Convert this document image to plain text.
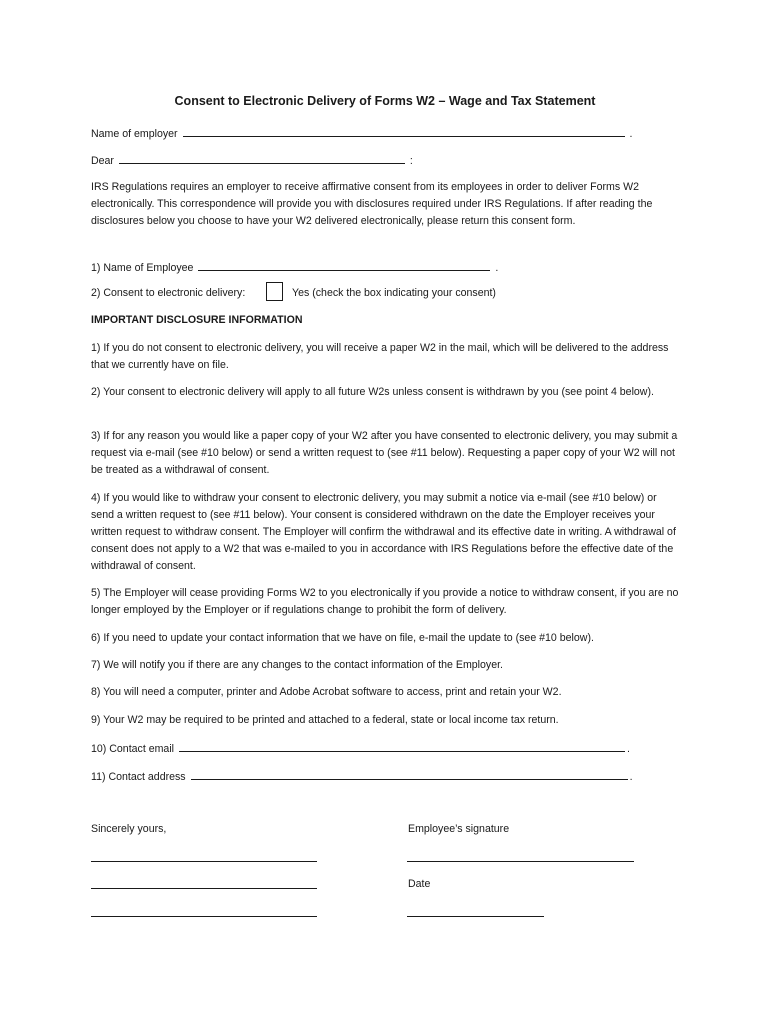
Consent to Electronic Delivery of Forms W2 – Wage and Tax Statement
Name of employer	.
Dear	:
IRS Regulations requires an employer to receive affirmative consent from its employees in order to deliver Forms W2 electronically. This correspondence will provide you with disclosures required under IRS Regulations. If after reading the disclosures below you choose to have your W2 delivered electronically, please return this consent form.
1) Name of Employee	.
2) Consent to electronic delivery:	Yes (check the box indicating your consent)
IMPORTANT DISCLOSURE INFORMATION
1) If you do not consent to electronic delivery, you will receive a paper W2 in the mail, which will be delivered to the address that we currently have on file.
2) Your consent to electronic delivery will apply to all future W2s unless consent is withdrawn by you (see point 4 below).
3) If for any reason you would like a paper copy of your W2 after you have consented to electronic delivery, you may submit a request via e-mail (see #10 below) or send a written request to (see #11 below). Requesting a paper copy of your W2 will not be treated as a withdrawal of consent.
4) If you would like to withdraw your consent to electronic delivery, you may submit a notice via e-mail (see #10 below) or send a written request to (see #11 below). Your consent is considered withdrawn on the date the Employer receives your written request to withdraw consent. The Employer will confirm the withdrawal and its effective date in writing. A withdrawal of consent does not apply to a W2 that was e-mailed to you in accordance with IRS Regulations before the effective date of the withdrawal of consent.
5) The Employer will cease providing Forms W2 to you electronically if you provide a notice to withdraw consent, if you are no longer employed by the Employer or if regulations change to prohibit the form of delivery.
6) If you need to update your contact information that we have on file, e-mail the update to (see #10 below).
7) We will notify you if there are any changes to the contact information of the Employer.
8) You will need a computer, printer and Adobe Acrobat software to access, print and retain your W2.
9) Your W2 may be required to be printed and attached to a federal, state or local income tax return.
10) Contact email	.
11) Contact address	.
Sincerely yours,	Employee’s signature
Date
